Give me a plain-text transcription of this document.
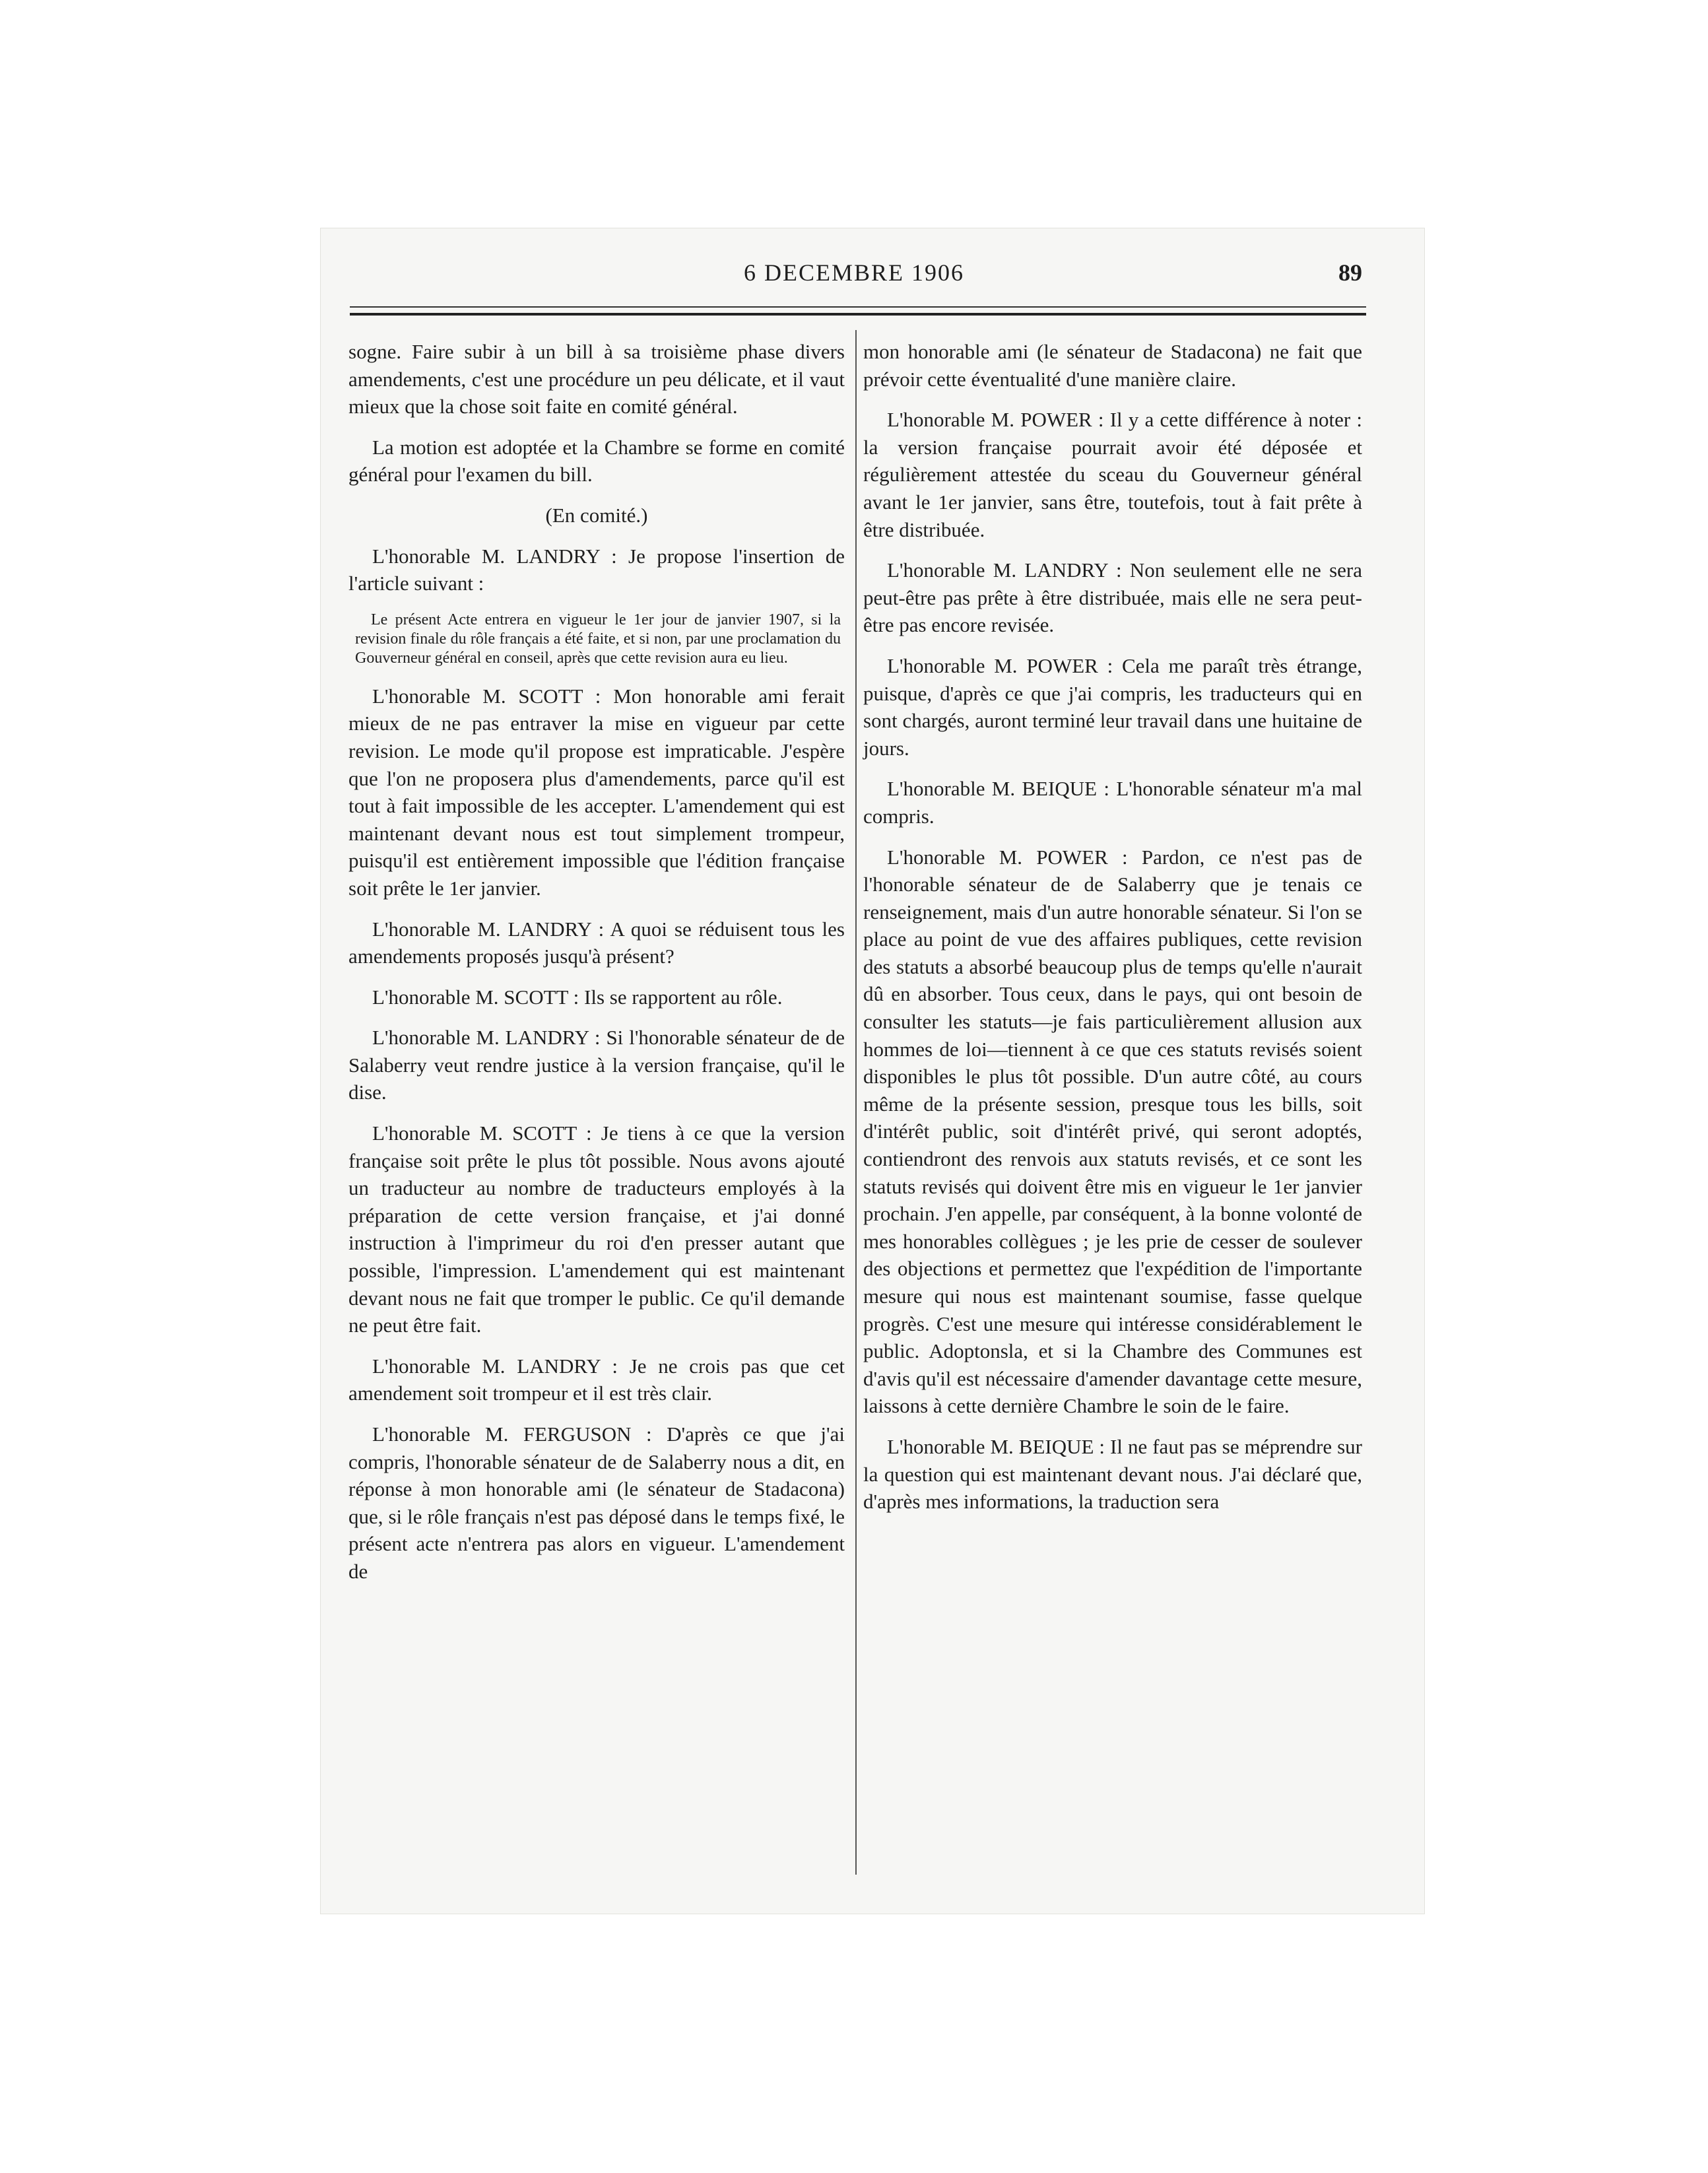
6 DECEMBRE 1906	89

sogne. Faire subir à un bill à sa troisième phase divers amendements, c'est une procédure un peu délicate, et il vaut mieux que la chose soit faite en comité général.

La motion est adoptée et la Chambre se forme en comité général pour l'examen du bill.

(En comité.)

L'honorable M. LANDRY : Je propose l'insertion de l'article suivant :

Le présent Acte entrera en vigueur le 1er jour de janvier 1907, si la revision finale du rôle français a été faite, et si non, par une proclamation du Gouverneur général en conseil, après que cette revision aura eu lieu.

L'honorable M. SCOTT : Mon honorable ami ferait mieux de ne pas entraver la mise en vigueur par cette revision. Le mode qu'il propose est impraticable. J'espère que l'on ne proposera plus d'amendements, parce qu'il est tout à fait impossible de les accepter. L'amendement qui est maintenant devant nous est tout simplement trompeur, puisqu'il est entièrement impossible que l'édition française soit prête le 1er janvier.

L'honorable M. LANDRY : A quoi se réduisent tous les amendements proposés jusqu'à présent?

L'honorable M. SCOTT : Ils se rapportent au rôle.

L'honorable M. LANDRY : Si l'honorable sénateur de de Salaberry veut rendre justice à la version française, qu'il le dise.

L'honorable M. SCOTT : Je tiens à ce que la version française soit prête le plus tôt possible. Nous avons ajouté un traducteur au nombre de traducteurs employés à la préparation de cette version française, et j'ai donné instruction à l'imprimeur du roi d'en presser autant que possible, l'impression. L'amendement qui est maintenant devant nous ne fait que tromper le public. Ce qu'il demande ne peut être fait.

L'honorable M. LANDRY : Je ne crois pas que cet amendement soit trompeur et il est très clair.

L'honorable M. FERGUSON : D'après ce que j'ai compris, l'honorable sénateur de de Salaberry nous a dit, en réponse à mon honorable ami (le sénateur de Stadacona) que, si le rôle français n'est pas déposé dans le temps fixé, le présent acte n'entrera pas alors en vigueur. L'amendement de

mon honorable ami (le sénateur de Stadacona) ne fait que prévoir cette éventualité d'une manière claire.

L'honorable M. POWER : Il y a cette différence à noter : la version française pourrait avoir été déposée et régulièrement attestée du sceau du Gouverneur général avant le 1er janvier, sans être, toutefois, tout à fait prête à être distribuée.

L'honorable M. LANDRY : Non seulement elle ne sera peut-être pas prête à être distribuée, mais elle ne sera peut-être pas encore revisée.

L'honorable M. POWER : Cela me paraît très étrange, puisque, d'après ce que j'ai compris, les traducteurs qui en sont chargés, auront terminé leur travail dans une huitaine de jours.

L'honorable M. BEIQUE : L'honorable sénateur m'a mal compris.

L'honorable M. POWER : Pardon, ce n'est pas de l'honorable sénateur de de Salaberry que je tenais ce renseignement, mais d'un autre honorable sénateur. Si l'on se place au point de vue des affaires publiques, cette revision des statuts a absorbé beaucoup plus de temps qu'elle n'aurait dû en absorber. Tous ceux, dans le pays, qui ont besoin de consulter les statuts—je fais particulièrement allusion aux hommes de loi—tiennent à ce que ces statuts revisés soient disponibles le plus tôt possible. D'un autre côté, au cours même de la présente session, presque tous les bills, soit d'intérêt public, soit d'intérêt privé, qui seront adoptés, contiendront des renvois aux statuts revisés, et ce sont les statuts revisés qui doivent être mis en vigueur le 1er janvier prochain. J'en appelle, par conséquent, à la bonne volonté de mes honorables collègues ; je les prie de cesser de soulever des objections et permettez que l'expédition de l'importante mesure qui nous est maintenant soumise, fasse quelque progrès. C'est une mesure qui intéresse considérablement le public. Adoptonsla, et si la Chambre des Communes est d'avis qu'il est nécessaire d'amender davantage cette mesure, laissons à cette dernière Chambre le soin de le faire.

L'honorable M. BEIQUE : Il ne faut pas se méprendre sur la question qui est maintenant devant nous. J'ai déclaré que, d'après mes informations, la traduction sera
